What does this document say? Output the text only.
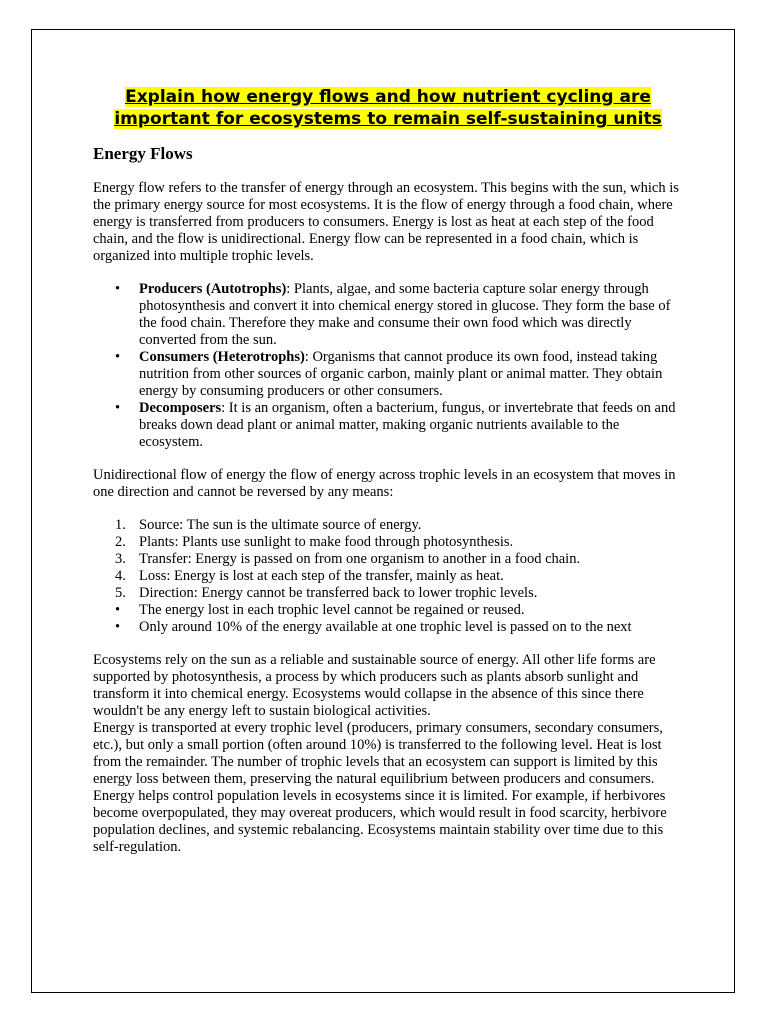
Explain how energy flows and how nutrient cycling are
important for ecosystems to remain self-sustaining units
Energy Flows

Energy flow refers to the transfer of energy through an ecosystem. This begins with the sun, which is the primary energy source for most ecosystems. It is the flow of energy through a food chain, where energy is transferred from producers to consumers. Energy is lost as heat at each step of the food chain, and the flow is unidirectional. Energy flow can be represented in a food chain, which is organized into multiple trophic levels.

• Producers (Autotrophs): Plants, algae, and some bacteria capture solar energy through photosynthesis and convert it into chemical energy stored in glucose. They form the base of the food chain. Therefore they make and consume their own food which was directly converted from the sun.
• Consumers (Heterotrophs): Organisms that cannot produce its own food, instead taking nutrition from other sources of organic carbon, mainly plant or animal matter. They obtain energy by consuming producers or other consumers.
• Decomposers: It is an organism, often a bacterium, fungus, or invertebrate that feeds on and breaks down dead plant or animal matter, making organic nutrients available to the ecosystem.

Unidirectional flow of energy the flow of energy across trophic levels in an ecosystem that moves in one direction and cannot be reversed by any means:

1. Source: The sun is the ultimate source of energy.
2. Plants: Plants use sunlight to make food through photosynthesis.
3. Transfer: Energy is passed on from one organism to another in a food chain.
4. Loss: Energy is lost at each step of the transfer, mainly as heat.
5. Direction: Energy cannot be transferred back to lower trophic levels.
• The energy lost in each trophic level cannot be regained or reused.
• Only around 10% of the energy available at one trophic level is passed on to the next

Ecosystems rely on the sun as a reliable and sustainable source of energy. All other life forms are supported by photosynthesis, a process by which producers such as plants absorb sunlight and transform it into chemical energy. Ecosystems would collapse in the absence of this since there wouldn't be any energy left to sustain biological activities.

Energy is transported at every trophic level (producers, primary consumers, secondary consumers, etc.), but only a small portion (often around 10%) is transferred to the following level. Heat is lost from the remainder. The number of trophic levels that an ecosystem can support is limited by this energy loss between them, preserving the natural equilibrium between producers and consumers.

Energy helps control population levels in ecosystems since it is limited. For example, if herbivores become overpopulated, they may overeat producers, which would result in food scarcity, herbivore population declines, and systemic rebalancing. Ecosystems maintain stability over time due to this self-regulation.
